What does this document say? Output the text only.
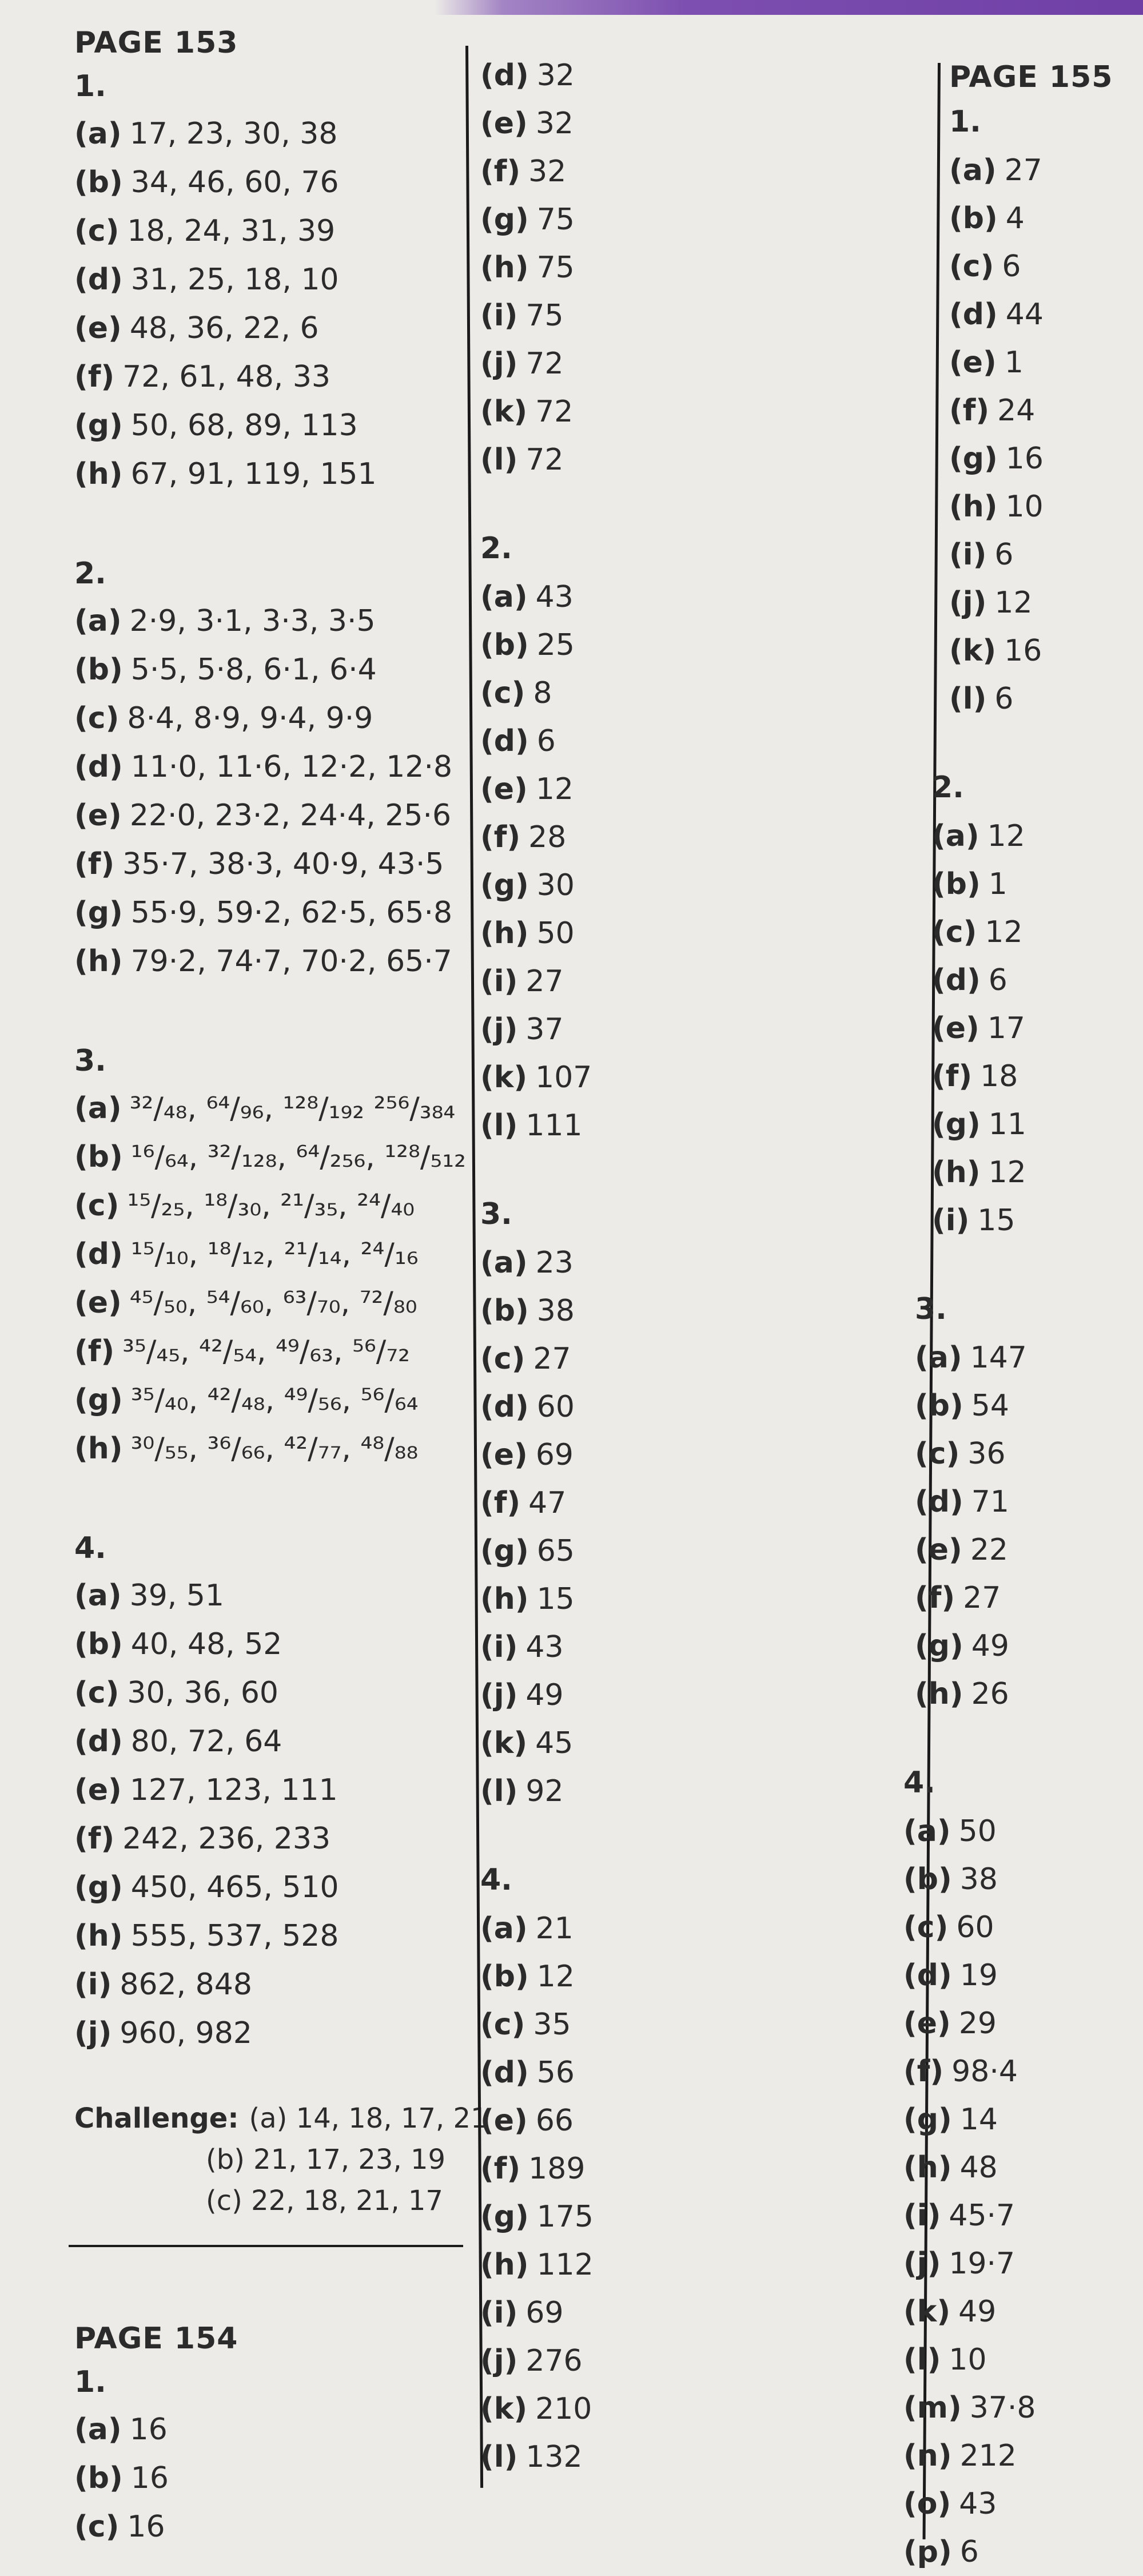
PAGE 153
1.
(a) 17, 23, 30, 38
(b) 34, 46, 60, 76
(c) 18, 24, 31, 39
(d) 31, 25, 18, 10
(e) 48, 36, 22, 6
(f) 72, 61, 48, 33
(g) 50, 68, 89, 113
(h) 67, 91, 119, 151
2.
(a) 2·9, 3·1, 3·3, 3·5
(b) 5·5, 5·8, 6·1, 6·4
(c) 8·4, 8·9, 9·4, 9·9
(d) 11·0, 11·6, 12·2, 12·8
(e) 22·0, 23·2, 24·4, 25·6
(f) 35·7, 38·3, 40·9, 43·5
(g) 55·9, 59·2, 62·5, 65·8
(h) 79·2, 74·7, 70·2, 65·7
3.
(a) ³²/₄₈, ⁶⁴/₉₆, ¹²⁸/₁₉₂ ²⁵⁶/₃₈₄
(b) ¹⁶/₆₄, ³²/₁₂₈, ⁶⁴/₂₅₆, ¹²⁸/₅₁₂
(c) ¹⁵/₂₅, ¹⁸/₃₀, ²¹/₃₅, ²⁴/₄₀
(d) ¹⁵/₁₀, ¹⁸/₁₂, ²¹/₁₄, ²⁴/₁₆
(e) ⁴⁵/₅₀, ⁵⁴/₆₀, ⁶³/₇₀, ⁷²/₈₀
(f) ³⁵/₄₅, ⁴²/₅₄, ⁴⁹/₆₃, ⁵⁶/₇₂
(g) ³⁵/₄₀, ⁴²/₄₈, ⁴⁹/₅₆, ⁵⁶/₆₄
(h) ³⁰/₅₅, ³⁶/₆₆, ⁴²/₇₇, ⁴⁸/₈₈
4.
(a) 39, 51
(b) 40, 48, 52
(c) 30, 36, 60
(d) 80, 72, 64
(e) 127, 123, 111
(f) 242, 236, 233
(g) 450, 465, 510
(h) 555, 537, 528
(i) 862, 848
(j) 960, 982
Challenge: (a) 14, 18, 17, 21
(b) 21, 17, 23, 19
(c) 22, 18, 21, 17
PAGE 154
1.
(a) 16
(b) 16
(c) 16
(d) 32
(e) 32
(f) 32
(g) 75
(h) 75
(i) 75
(j) 72
(k) 72
(l) 72
2.
(a) 43
(b) 25
(c) 8
(d) 6
(e) 12
(f) 28
(g) 30
(h) 50
(i) 27
(j) 37
(k) 107
(l) 111
3.
(a) 23
(b) 38
(c) 27
(d) 60
(e) 69
(f) 47
(g) 65
(h) 15
(i) 43
(j) 49
(k) 45
(l) 92
4.
(a) 21
(b) 12
(c) 35
(d) 56
(e) 66
(f) 189
(g) 175
(h) 112
(i) 69
(j) 276
(k) 210
(l) 132
PAGE 155
1.
(a) 27
(b) 4
(c) 6
(d) 44
(e) 1
(f) 24
(g) 16
(h) 10
(i) 6
(j) 12
(k) 16
(l) 6
2.
(a) 12
(b) 1
(c) 12
(d) 6
(e) 17
(f) 18
(g) 11
(h) 12
(i) 15
3.
(a) 147
(b) 54
(c) 36
(d) 71
(e) 22
(f) 27
(g) 49
(h) 26
4.
(a) 50
(b) 38
(c) 60
(d) 19
(e) 29
(f) 98·4
(g) 14
(h) 48
(i) 45·7
(j) 19·7
(k) 49
(l) 10
(m) 37·8
(n) 212
(o) 43
(p) 6
